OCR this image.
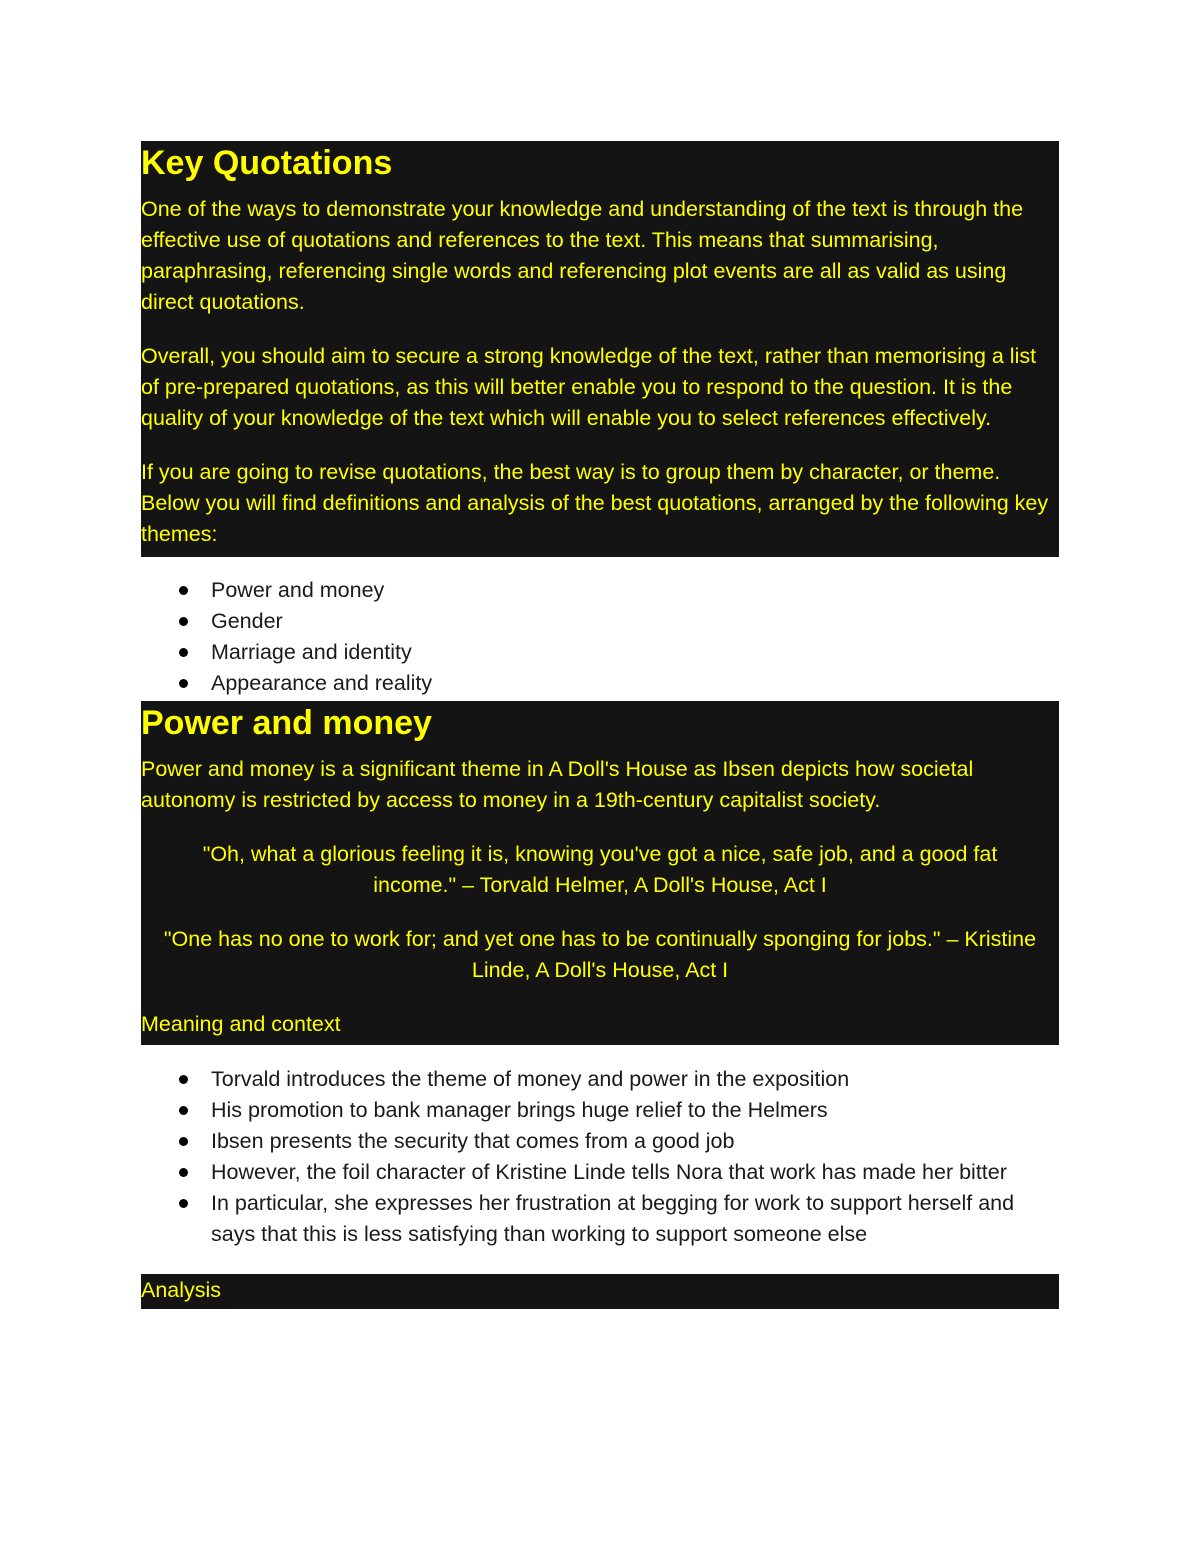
Key Quotations

One of the ways to demonstrate your knowledge and understanding of the text is through the effective use of quotations and references to the text. This means that summarising, paraphrasing, referencing single words and referencing plot events are all as valid as using direct quotations.

Overall, you should aim to secure a strong knowledge of the text, rather than memorising a list of pre-prepared quotations, as this will better enable you to respond to the question. It is the quality of your knowledge of the text which will enable you to select references effectively.

If you are going to revise quotations, the best way is to group them by character, or theme. Below you will find definitions and analysis of the best quotations, arranged by the following key themes:

Power and money
Gender
Marriage and identity
Appearance and reality
Power and money

Power and money is a significant theme in A Doll's House as Ibsen depicts how societal autonomy is restricted by access to money in a 19th-century capitalist society.

"Oh, what a glorious feeling it is, knowing you've got a nice, safe job, and a good fat income." – Torvald Helmer, A Doll's House, Act I

"One has no one to work for; and yet one has to be continually sponging for jobs." – Kristine Linde, A Doll's House, Act I

Meaning and context

Torvald introduces the theme of money and power in the exposition
His promotion to bank manager brings huge relief to the Helmers
Ibsen presents the security that comes from a good job
However, the foil character of Kristine Linde tells Nora that work has made her bitter
In particular, she expresses her frustration at begging for work to support herself and says that this is less satisfying than working to support someone else

Analysis
